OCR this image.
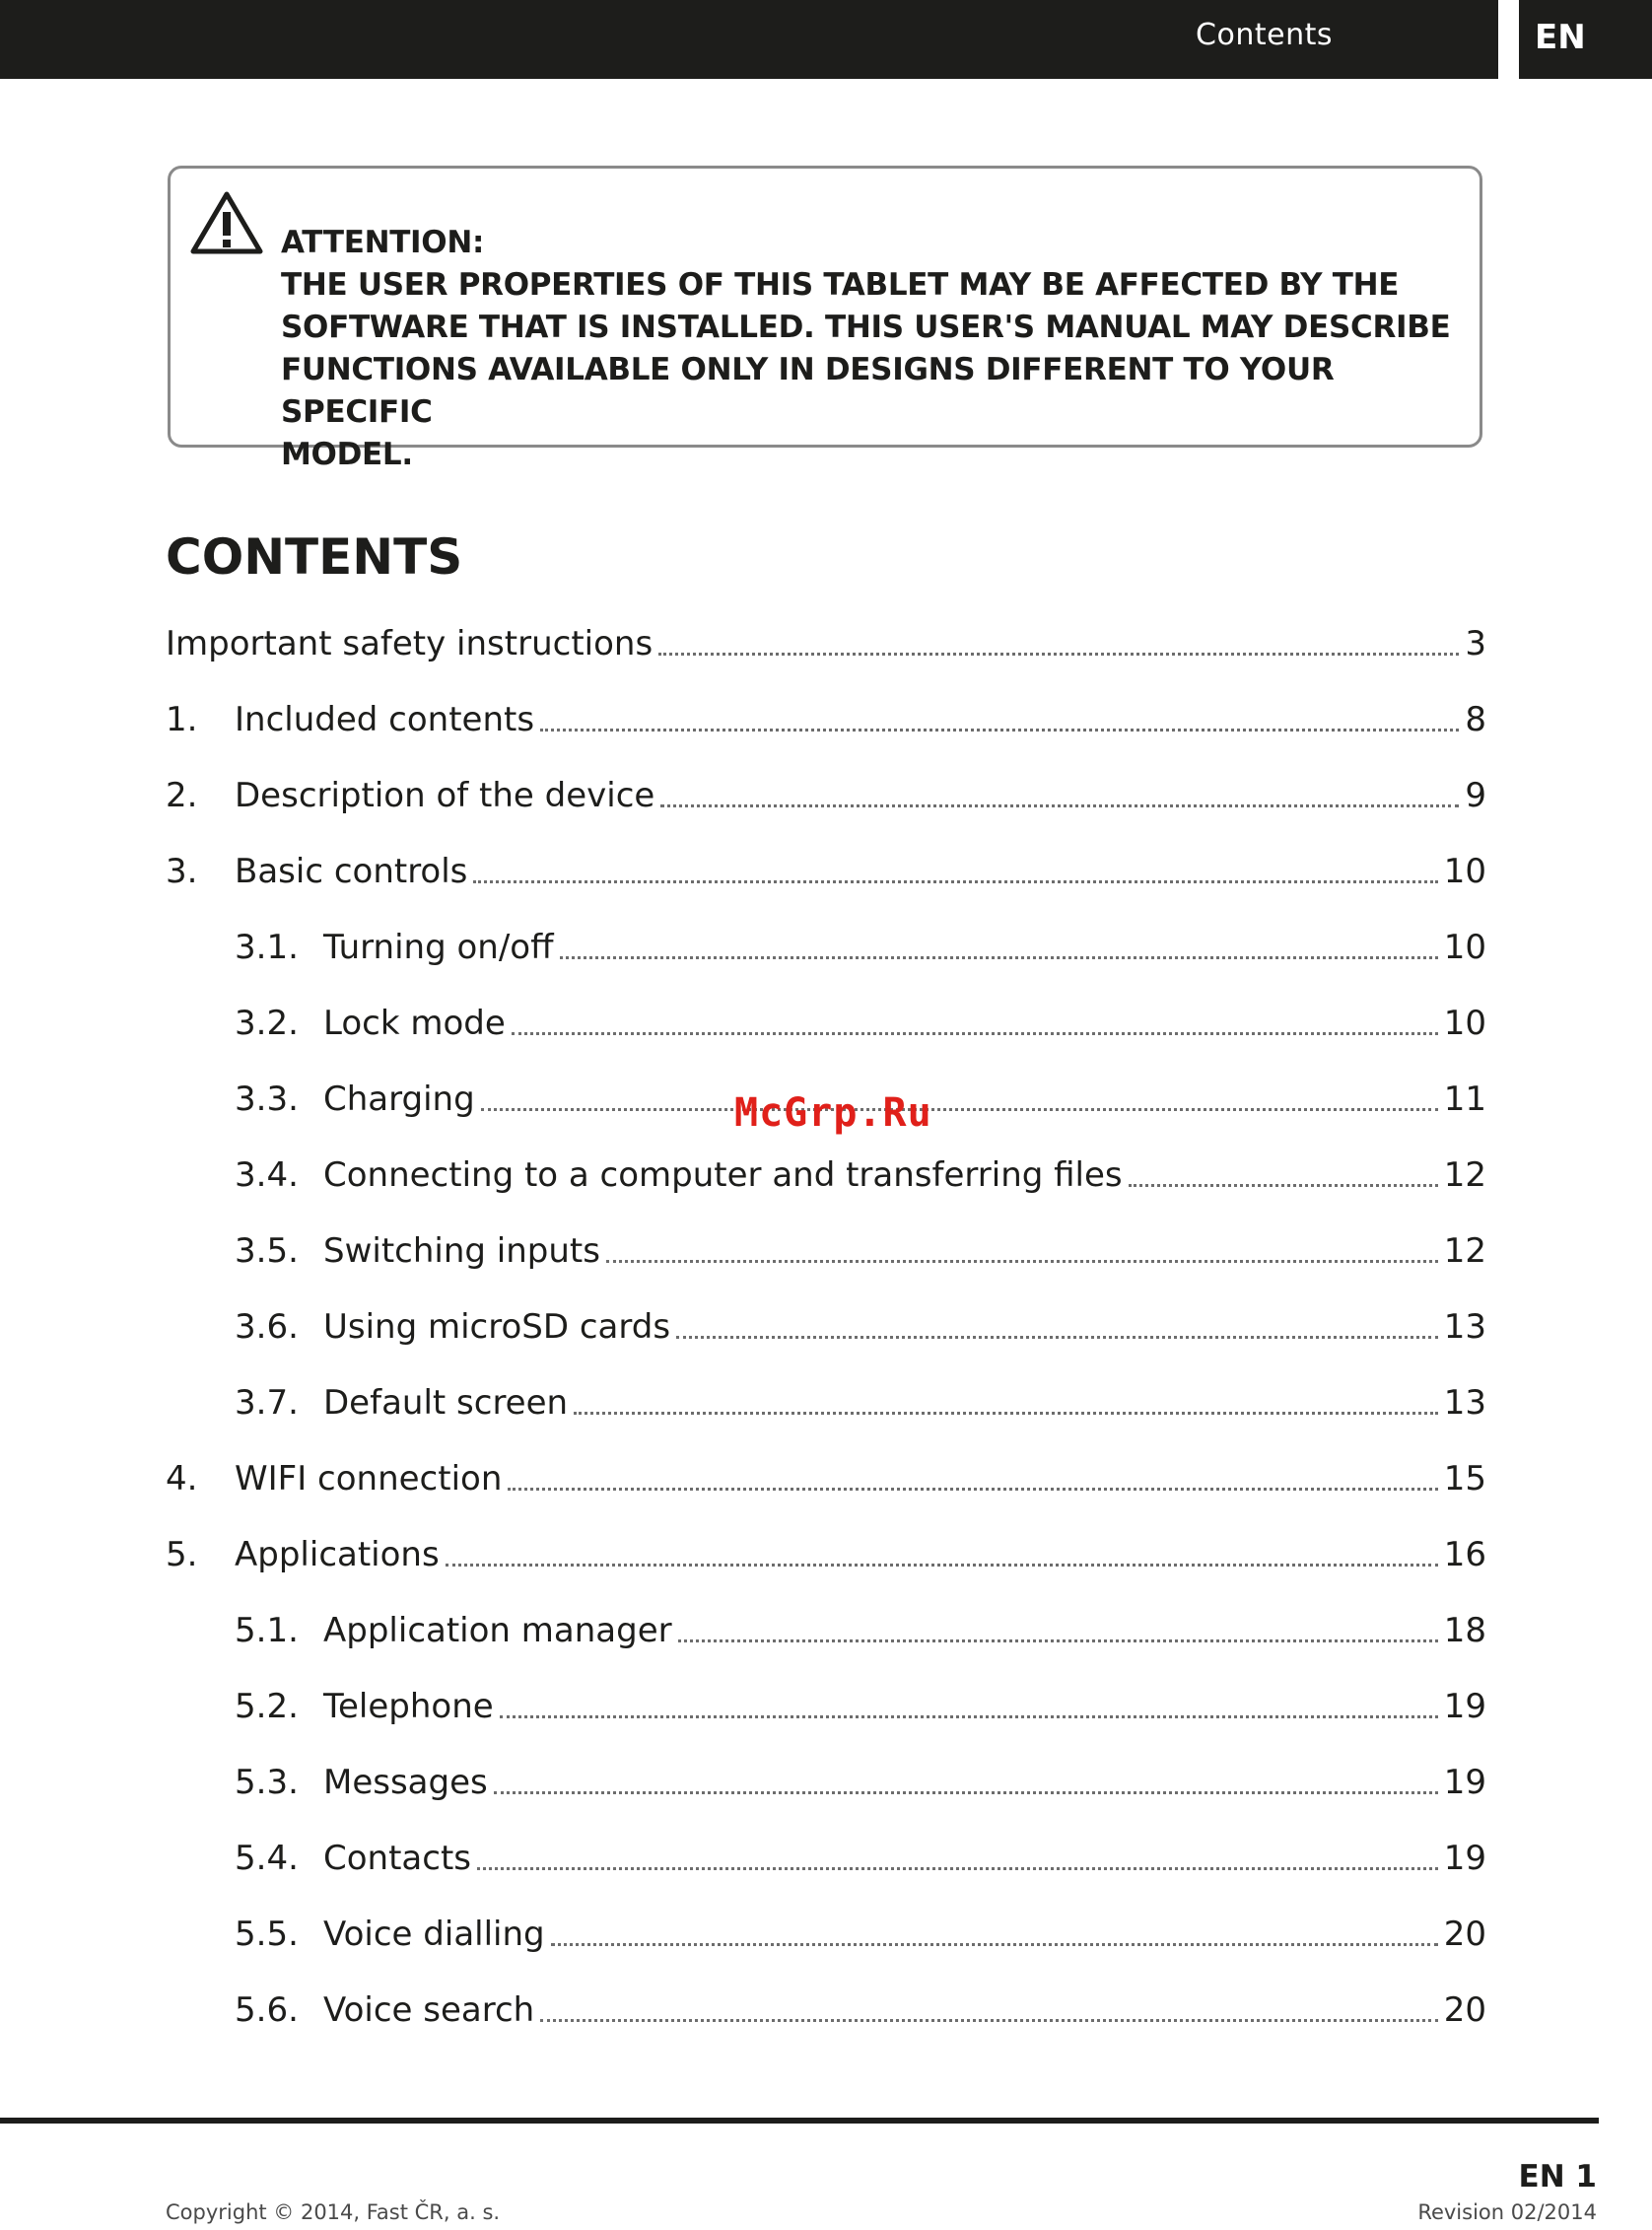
Contents	EN
ATTENTION:
THE USER PROPERTIES OF THIS TABLET MAY BE AFFECTED BY THE
SOFTWARE THAT IS INSTALLED. THIS USER'S MANUAL MAY DESCRIBE
FUNCTIONS AVAILABLE ONLY IN DESIGNS DIFFERENT TO YOUR SPECIFIC
MODEL.
CONTENTS
Important safety instructions	3
1.	Included contents	8
2.	Description of the device	9
3.	Basic controls	10
3.1. Turning on/off	10
3.2. Lock mode	10
3.3. Charging	11
3.4. Connecting to a computer and transferring files	12
3.5. Switching inputs	12
3.6. Using microSD cards	13
3.7. Default screen	13
4.	WIFI connection	15
5.	Applications	16
5.1. Application manager	18
5.2. Telephone	19
5.3. Messages	19
5.4. Contacts	19
5.5. Voice dialling	20
5.6. Voice search	20
McGrp.Ru
EN 1
Copyright © 2014, Fast ČR, a. s.	Revision 02/2014
